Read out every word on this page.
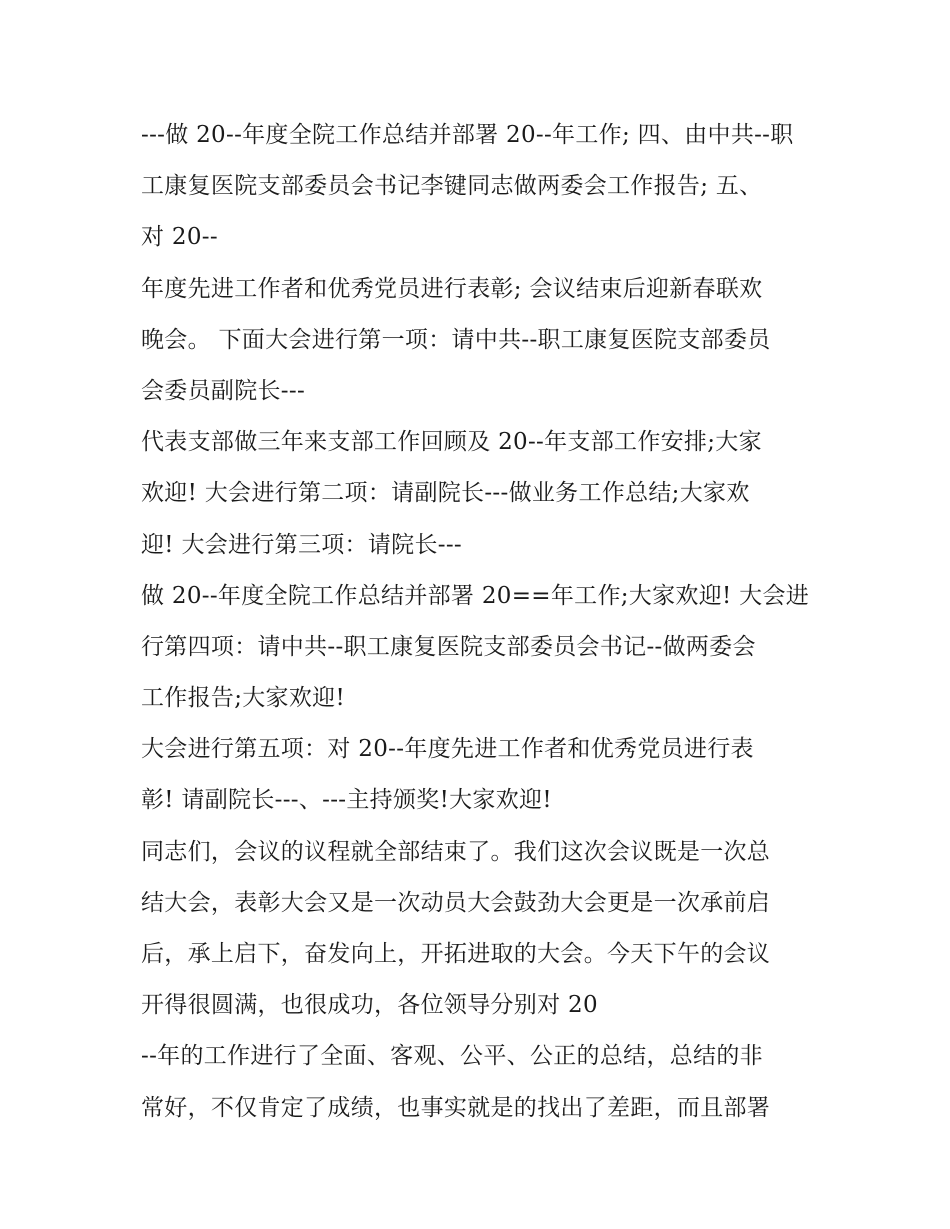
---做 20--年度全院工作总结并部署 20--年工作; 四、由中共--职
工康复医院支部委员会书记李键同志做两委会工作报告; 五、
对 20--
年度先进工作者和优秀党员进行表彰; 会议结束后迎新春联欢
晚会。 下面大会进行第一项：请中共--职工康复医院支部委员
会委员副院长---
代表支部做三年来支部工作回顾及 20--年支部工作安排;大家
欢迎! 大会进行第二项：请副院长---做业务工作总结;大家欢
迎! 大会进行第三项：请院长---
做 20--年度全院工作总结并部署 20==年工作;大家欢迎! 大会进
行第四项：请中共--职工康复医院支部委员会书记--做两委会
工作报告;大家欢迎!
大会进行第五项：对 20--年度先进工作者和优秀党员进行表
彰! 请副院长---、---主持颁奖!大家欢迎!
同志们，会议的议程就全部结束了。我们这次会议既是一次总
结大会，表彰大会又是一次动员大会鼓劲大会更是一次承前启
后，承上启下，奋发向上，开拓进取的大会。今天下午的会议
开得很圆满，也很成功，各位领导分别对 20
--年的工作进行了全面、客观、公平、公正的总结，总结的非
常好，不仅肯定了成绩，也事实就是的找出了差距，而且部署
